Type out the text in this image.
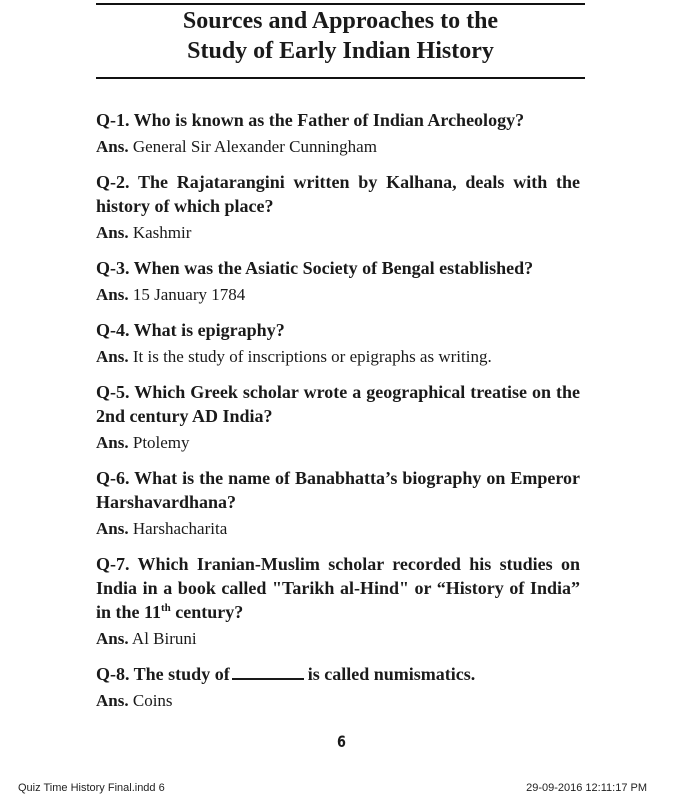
Sources and Approaches to the
Study of Early Indian History

Q-1. Who is known as the Father of Indian Archeology?

Ans. General Sir Alexander Cunningham

Q-2. The Rajatarangini written by Kalhana, deals with the history of which place?

Ans. Kashmir

Q-3. When was the Asiatic Society of Bengal established?

Ans. 15 January 1784

Q-4. What is epigraphy?

Ans. It is the study of inscriptions or epigraphs as writing.

Q-5. Which Greek scholar wrote a geographical treatise on the 2nd century AD India?

Ans. Ptolemy

Q-6. What is the name of Banabhatta’s biography on Emperor Harshavardhana?

Ans. Harshacharita

Q-7. Which Iranian-Muslim scholar recorded his studies on India in a book called "Tarikh al-Hind" or “History of India” in the 11th century?

Ans. Al Biruni

Q-8. The study of	is called numismatics.

Ans. Coins

6
Quiz Time History Final.indd 6	29-09-2016 12:11:17 PM
